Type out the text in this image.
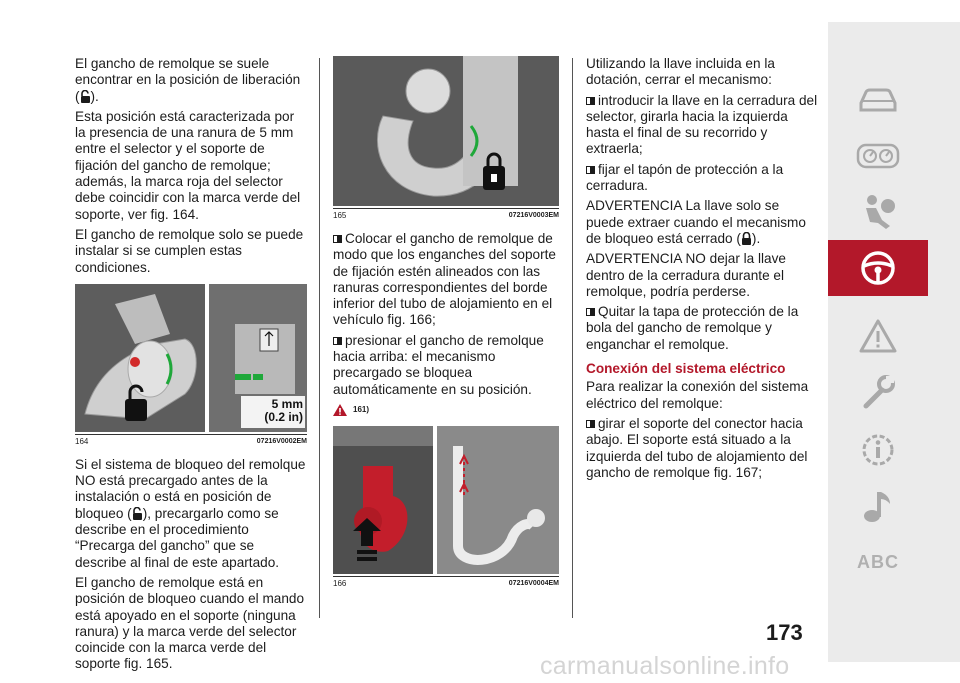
El gancho de remolque se suele encontrar en la posición de liberación ( ).

Esta posición está caracterizada por la presencia de una ranura de 5 mm entre el selector y el soporte de fijación del gancho de remolque; además, la marca roja del selector debe coincidir con la marca verde del soporte, ver fig. 164.

El gancho de remolque solo se puede instalar si se cumplen estas condiciones.

5 mm
(0.2 in)
164	07216V0002EM

Si el sistema de bloqueo del remolque NO está precargado antes de la instalación o está en posición de bloqueo ( ), precargarlo como se describe en el procedimiento “Precarga del gancho” que se describe al final de este apartado.

El gancho de remolque está en posición de bloqueo cuando el mando está apoyado en el soporte (ninguna ranura) y la marca verde del selector coincide con la marca verde del soporte fig. 165.

165	07216V0003EM

Colocar el gancho de remolque de modo que los enganches del soporte de fijación estén alineados con las ranuras correspondientes del borde inferior del tubo de alojamiento en el vehículo fig. 166;

presionar el gancho de remolque hacia arriba: el mecanismo precargado se bloquea automáticamente en su posición.

161)
166	07216V0004EM

Utilizando la llave incluida en la dotación, cerrar el mecanismo:

introducir la llave en la cerradura del selector, girarla hacia la izquierda hasta el final de su recorrido y extraerla;

fijar el tapón de protección a la cerradura.

ADVERTENCIA La llave solo se puede extraer cuando el mecanismo de bloqueo está cerrado ( ).

ADVERTENCIA NO dejar la llave dentro de la cerradura durante el remolque, podría perderse.

Quitar la tapa de protección de la bola del gancho de remolque y enganchar el remolque.

Conexión del sistema eléctrico

Para realizar la conexión del sistema eléctrico del remolque:

girar el soporte del conector hacia abajo. El soporte está situado a la izquierda del tubo de alojamiento del gancho de remolque fig. 167;

ABC
173
carmanualsonline.info
